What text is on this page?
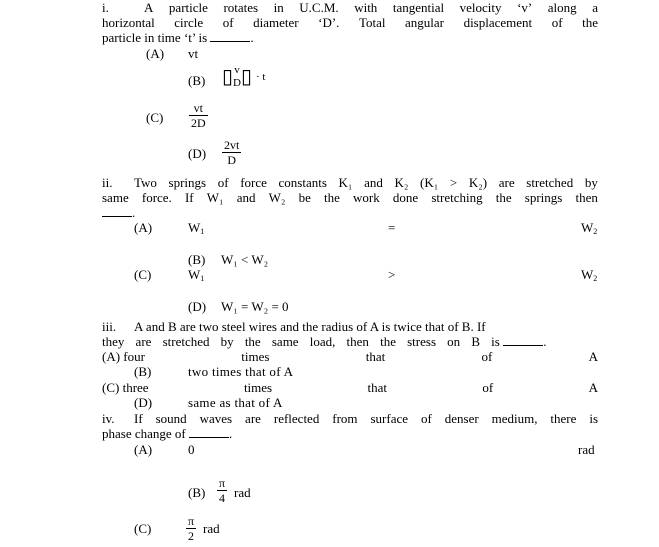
i.	A particle rotates in U.C.M. with tangential velocity ‘v’ along a
horizontal circle of diameter ‘D’. Total angular displacement of the
particle in time ‘t’ is	.
(A) vt
(B) ▯ v
D ▯ · t
$(C) \frac{vt}{2D}$
$(D) \frac{2vt}{D}$
ii. Two springs of force constants K₁ and K₂ (K₁ > K₂) are stretched by
same force. If W₁ and W₂ be the work done stretching the springs then
.
(A)	$W_1$	=	$W_2$
(B) W₁ < W₂
(C)	$W_1$	>	$W_2$
(D) W₁ = W₂ = 0
iii. A and B are two steel wires and the radius of A is twice that of B. If
they are stretched by the same load, then the stress on B is	.
(A) four	times	that	of	A
(B)	two times that of A
(C) three	times	that	of	A
(D)	same as that of A
iv. If sound waves are reflected from surface of denser medium, there is
phase change of	.
(A)	0	rad
$(B) \frac{\pi}{4}$ rad
(C)	$\frac{\pi}{2}$ rad
